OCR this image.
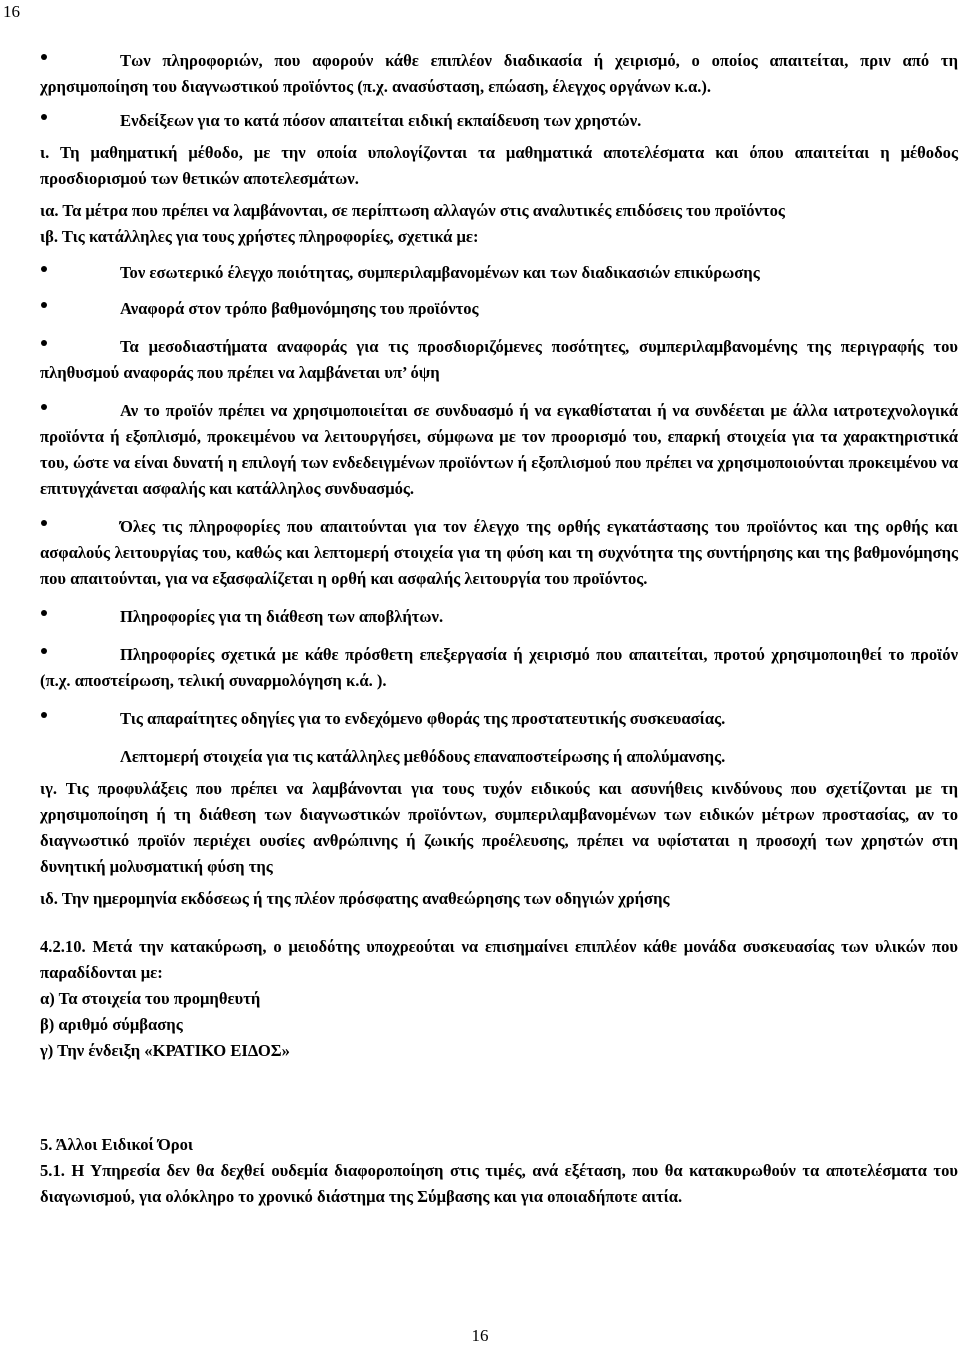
16

Των πληροφοριών, που αφορούν κάθε επιπλέον διαδικασία ή χειρισμό, ο οποίος απαιτείται, πριν από τη χρησιμοποίηση του διαγνωστικού προϊόντος (π.χ. ανασύσταση, επώαση, έλεγχος οργάνων κ.α.).

Ενδείξεων για το κατά πόσον απαιτείται ειδική εκπαίδευση των χρηστών.

ι. Τη μαθηματική μέθοδο, με την οποία υπολογίζονται τα μαθηματικά αποτελέσματα και όπου απαιτείται η μέθοδος προσδιορισμού των θετικών αποτελεσμάτων.

ια. Τα μέτρα που πρέπει να λαμβάνονται, σε περίπτωση αλλαγών στις αναλυτικές επιδόσεις του προϊόντος

ιβ. Τις κατάλληλες για τους χρήστες πληροφορίες, σχετικά με:

Τον εσωτερικό έλεγχο ποιότητας, συμπεριλαμβανομένων και των διαδικασιών επικύρωσης

Αναφορά στον τρόπο βαθμονόμησης του προϊόντος

Τα μεσοδιαστήματα αναφοράς για τις προσδιοριζόμενες ποσότητες, συμπεριλαμβανομένης της περιγραφής του πληθυσμού αναφοράς που πρέπει να λαμβάνεται υπ’ όψη

Αν το προϊόν πρέπει να χρησιμοποιείται σε συνδυασμό ή να εγκαθίσταται ή να συνδέεται με άλλα ιατροτεχνολογικά προϊόντα ή εξοπλισμό, προκειμένου να λειτουργήσει, σύμφωνα με τον προορισμό του, επαρκή στοιχεία για τα χαρακτηριστικά του, ώστε να είναι δυνατή η επιλογή των ενδεδειγμένων προϊόντων ή εξοπλισμού που πρέπει να χρησιμοποιούνται προκειμένου να επιτυγχάνεται ασφαλής και κατάλληλος συνδυασμός.

Όλες τις πληροφορίες που απαιτούνται για τον έλεγχο της ορθής εγκατάστασης του προϊόντος και της ορθής και ασφαλούς λειτουργίας του, καθώς και λεπτομερή στοιχεία για τη φύση και τη συχνότητα της συντήρησης και της βαθμονόμησης που απαιτούνται, για να εξασφαλίζεται η ορθή και ασφαλής λειτουργία του προϊόντος.

Πληροφορίες για τη διάθεση των αποβλήτων.

Πληροφορίες σχετικά με κάθε πρόσθετη επεξεργασία ή χειρισμό που απαιτείται, προτού χρησιμοποιηθεί το προϊόν (π.χ. αποστείρωση, τελική συναρμολόγηση κ.ά. ).

Τις απαραίτητες οδηγίες για το ενδεχόμενο φθοράς της προστατευτικής συσκευασίας.

Λεπτομερή στοιχεία για τις κατάλληλες μεθόδους επαναποστείρωσης ή απολύμανσης.

ιγ. Τις προφυλάξεις που πρέπει να λαμβάνονται για τους τυχόν ειδικούς και ασυνήθεις κινδύνους που σχετίζονται με τη χρησιμοποίηση ή τη διάθεση των διαγνωστικών προϊόντων, συμπεριλαμβανομένων των ειδικών μέτρων προστασίας, αν το διαγνωστικό προϊόν περιέχει ουσίες ανθρώπινης ή ζωικής προέλευσης, πρέπει να υφίσταται η προσοχή των χρηστών στη δυνητική μολυσματική φύση της

ιδ. Την ημερομηνία εκδόσεως ή της πλέον πρόσφατης αναθεώρησης των οδηγιών χρήσης

4.2.10. Μετά την κατακύρωση, ο μειοδότης υποχρεούται να επισημαίνει επιπλέον κάθε μονάδα συσκευασίας των υλικών που παραδίδονται με:

α) Τα στοιχεία του προμηθευτή

β) αριθμό σύμβασης

γ) Την ένδειξη «ΚΡΑΤΙΚΟ ΕΙΔΟΣ»

5. Άλλοι Ειδικοί Όροι

5.1. Η Υπηρεσία δεν θα δεχθεί ουδεμία διαφοροποίηση στις τιμές, ανά εξέταση, που θα κατακυρωθούν τα αποτελέσματα του διαγωνισμού, για ολόκληρο το χρονικό διάστημα της Σύμβασης και για οποιαδήποτε αιτία.

16
